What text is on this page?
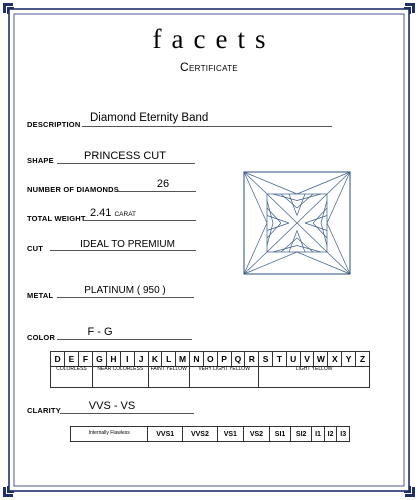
facets
Certificate
DESCRIPTION
Diamond Eternity Band
SHAPE	PRINCESS CUT
NUMBER OF DIAMONDS	26
TOTAL WEIGHT 2.41 CARAT
CUT	IDEAL TO PREMIUM
METAL	PLATINUM ( 950 )
COLOR	F - G
D	E	F	G	H	I	J	K	L	M	N	O	P	Q	R	S	T	U	V	W	X	Y	Z
COLORLESS			NEAR COLORLESS				FAINT YELLOW			VERY LIGHT YELLOW					LIGHT YELLOW							
CLARITY	VVS - VS
Internally Flawless	VVS1	VVS2	VS1	VS2	SI1	SI2	I1	I2	I3
